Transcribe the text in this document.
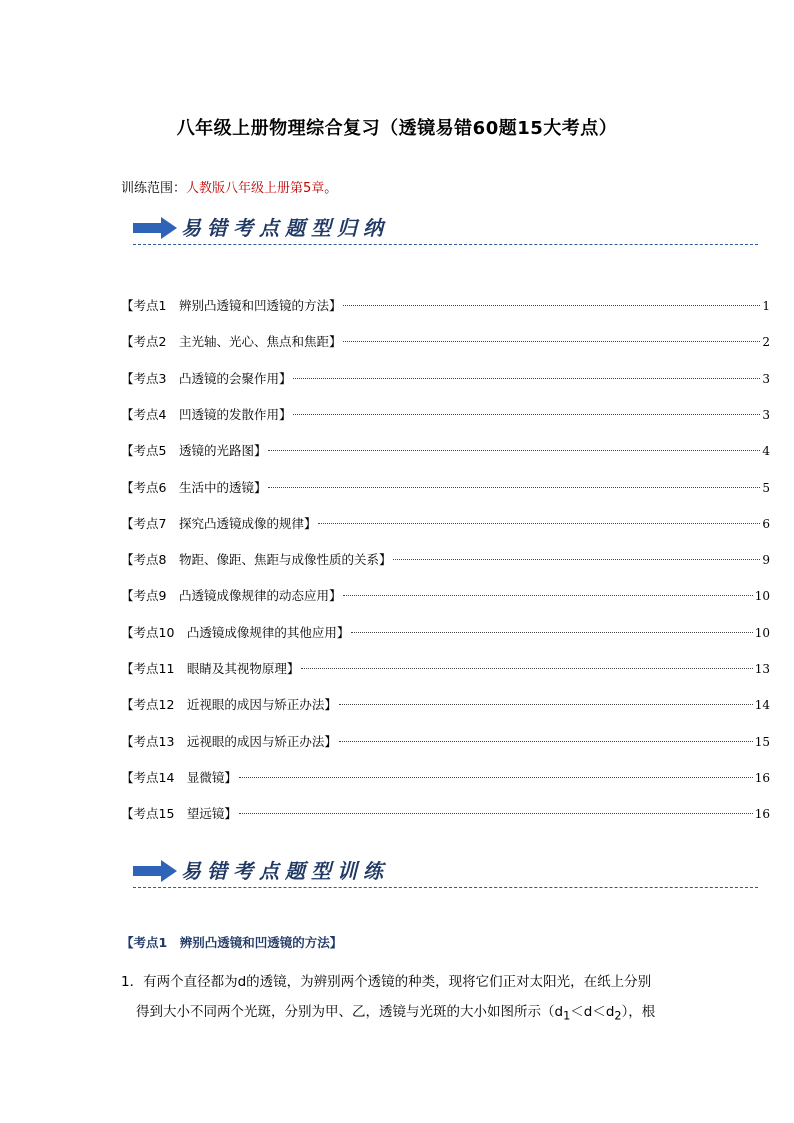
八年级上册物理综合复习（透镜易错60题15大考点）
训练范围：人教版八年级上册第5章。
易错考点题型归纳
【考点1　辨别凸透镜和凹透镜的方法】	1
【考点2　主光轴、光心、焦点和焦距】	2
【考点3　凸透镜的会聚作用】	3
【考点4　凹透镜的发散作用】	3
【考点5　透镜的光路图】	4
【考点6　生活中的透镜】	5
【考点7　探究凸透镜成像的规律】	6
【考点8　物距、像距、焦距与成像性质的关系】	9
【考点9　凸透镜成像规律的动态应用】	10
【考点10　凸透镜成像规律的其他应用】	10
【考点11　眼睛及其视物原理】	13
【考点12　近视眼的成因与矫正办法】	14
【考点13　远视眼的成因与矫正办法】	15
【考点14　显微镜】	16
【考点15　望远镜】	16
易错考点题型训练
【考点1　辨别凸透镜和凹透镜的方法】
1．有两个直径都为d的透镜，为辨别两个透镜的种类，现将它们正对太阳光，在纸上分别
得到大小不同两个光斑，分别为甲、乙，透镜与光斑的大小如图所示$(d_1<d<d_2)$，根
